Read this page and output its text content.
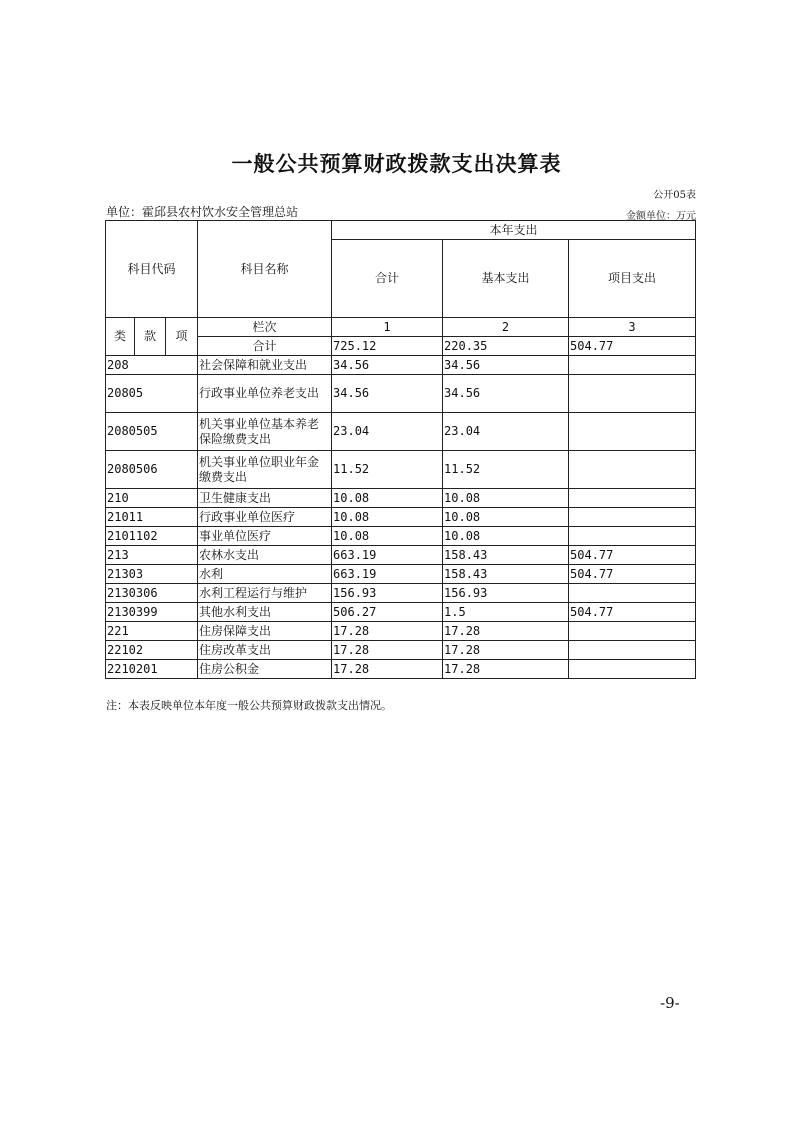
一般公共预算财政拨款支出决算表
公开05表
单位：霍邱县农村饮水安全管理总站	金额单位：万元
科目代码			科目名称	本年支出		
				合计	基本支出	项目支出
类	款	项	栏次	1	2	3
			合计	725.12	220.35	504.77
208			社会保障和就业支出	34.56	34.56	
20805			行政事业单位养老支出	34.56	34.56	
2080505			机关事业单位基本养老保险缴费支出	23.04	23.04	
2080506			机关事业单位职业年金缴费支出	11.52	11.52	
210			卫生健康支出	10.08	10.08	
21011			行政事业单位医疗	10.08	10.08	
2101102			事业单位医疗	10.08	10.08	
213			农林水支出	663.19	158.43	504.77
21303			水利	663.19	158.43	504.77
2130306			水利工程运行与维护	156.93	156.93	
2130399			其他水利支出	506.27	1.5	504.77
221			住房保障支出	17.28	17.28	
22102			住房改革支出	17.28	17.28	
2210201			住房公积金	17.28	17.28	
注：本表反映单位本年度一般公共预算财政拨款支出情况。
-9-
